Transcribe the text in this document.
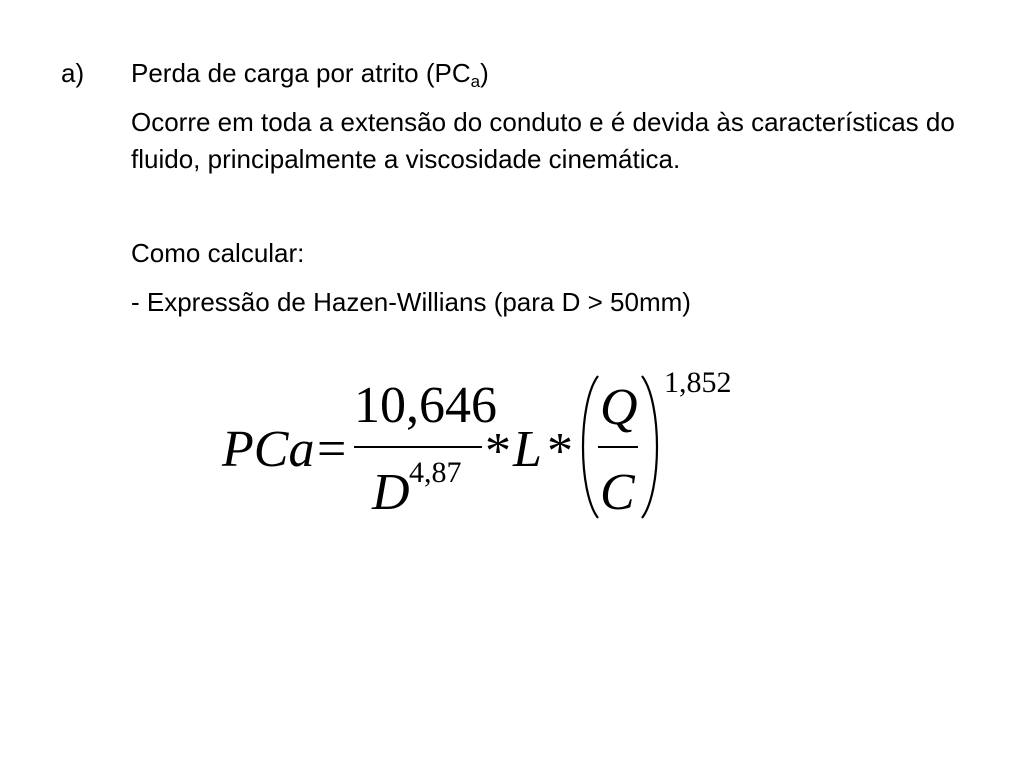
a) Perda de carga por atrito $(PC_a)$
Ocorre em toda a extensão do conduto e é devida às características do fluido, principalmente a viscosidade cinemática.
Como calcular:
- Expressão de Hazen-Willians (para D > 50mm)
PCa =
10,646
D 4,87 * L *
Q
C
1,852
